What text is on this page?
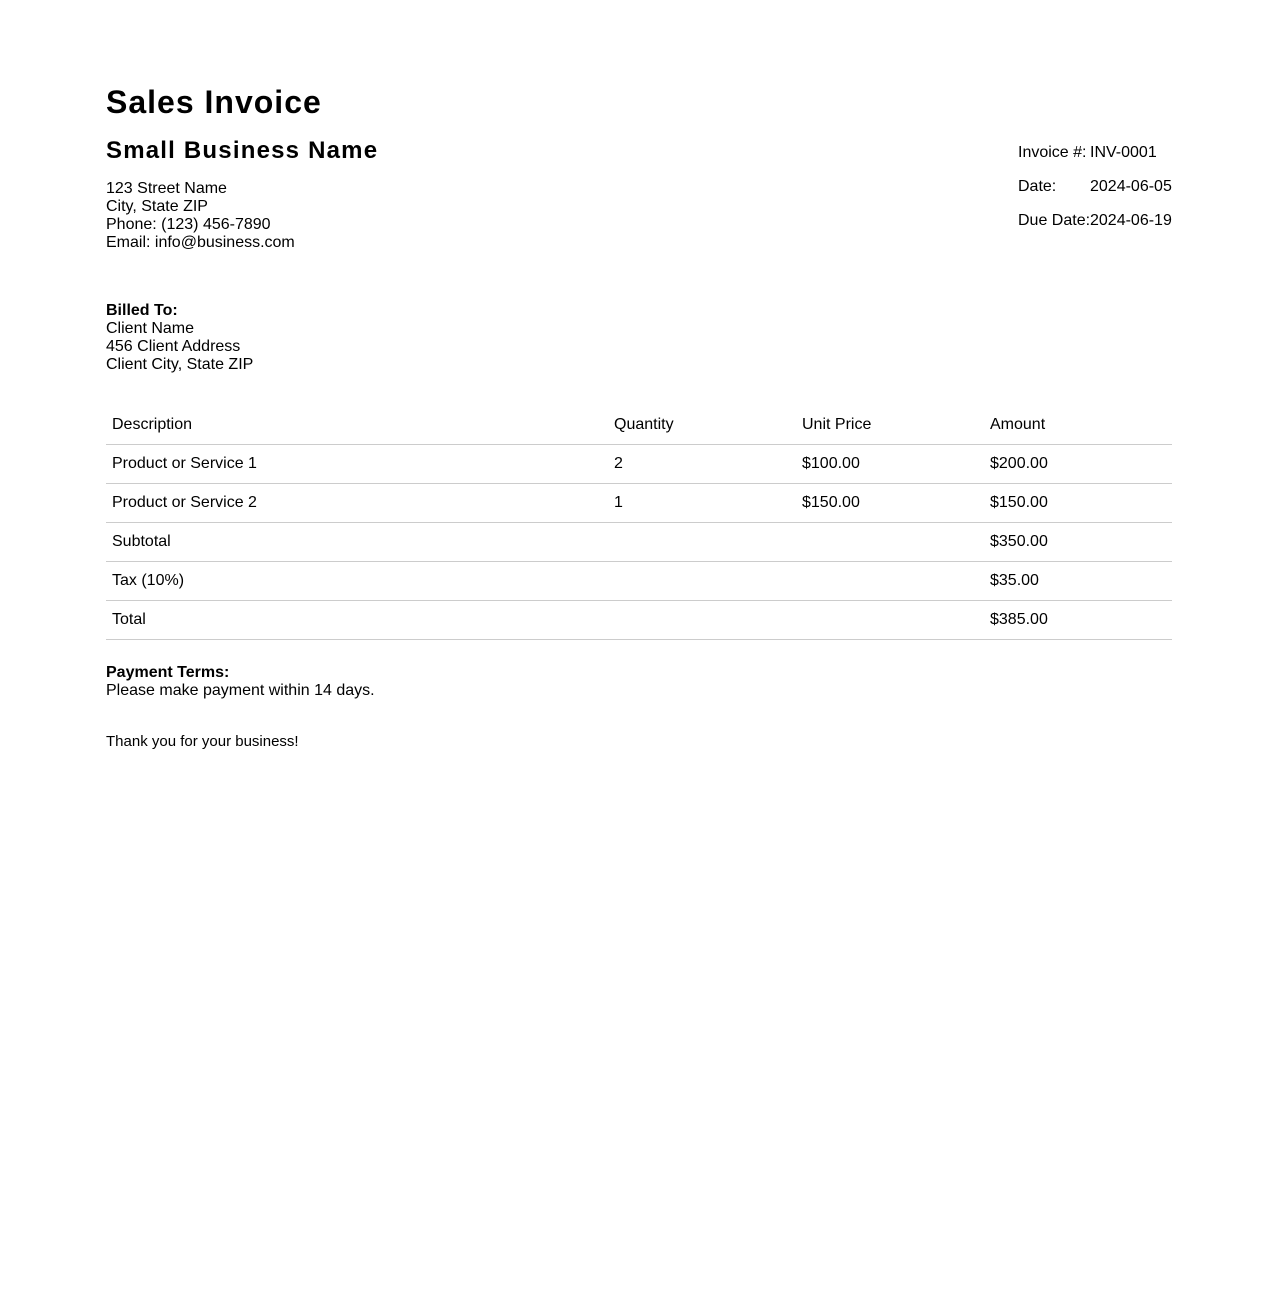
Sales Invoice
Small Business Name
123 Street Name
City, State ZIP
Phone: (123) 456-7890
Email: info@business.com
Invoice #: INV-0001
Date:	2024-06-05
Due Date: 2024-06-19
Billed To:
Client Name
456 Client Address
Client City, State ZIP
Description	Quantity	Unit Price	Amount
Product or Service 1	2	$100.00	$200.00
Product or Service 2	1	$150.00	$150.00
Subtotal			$350.00
Tax (10%)			$35.00
Total			$385.00
Payment Terms:
Please make payment within 14 days.
Thank you for your business!
